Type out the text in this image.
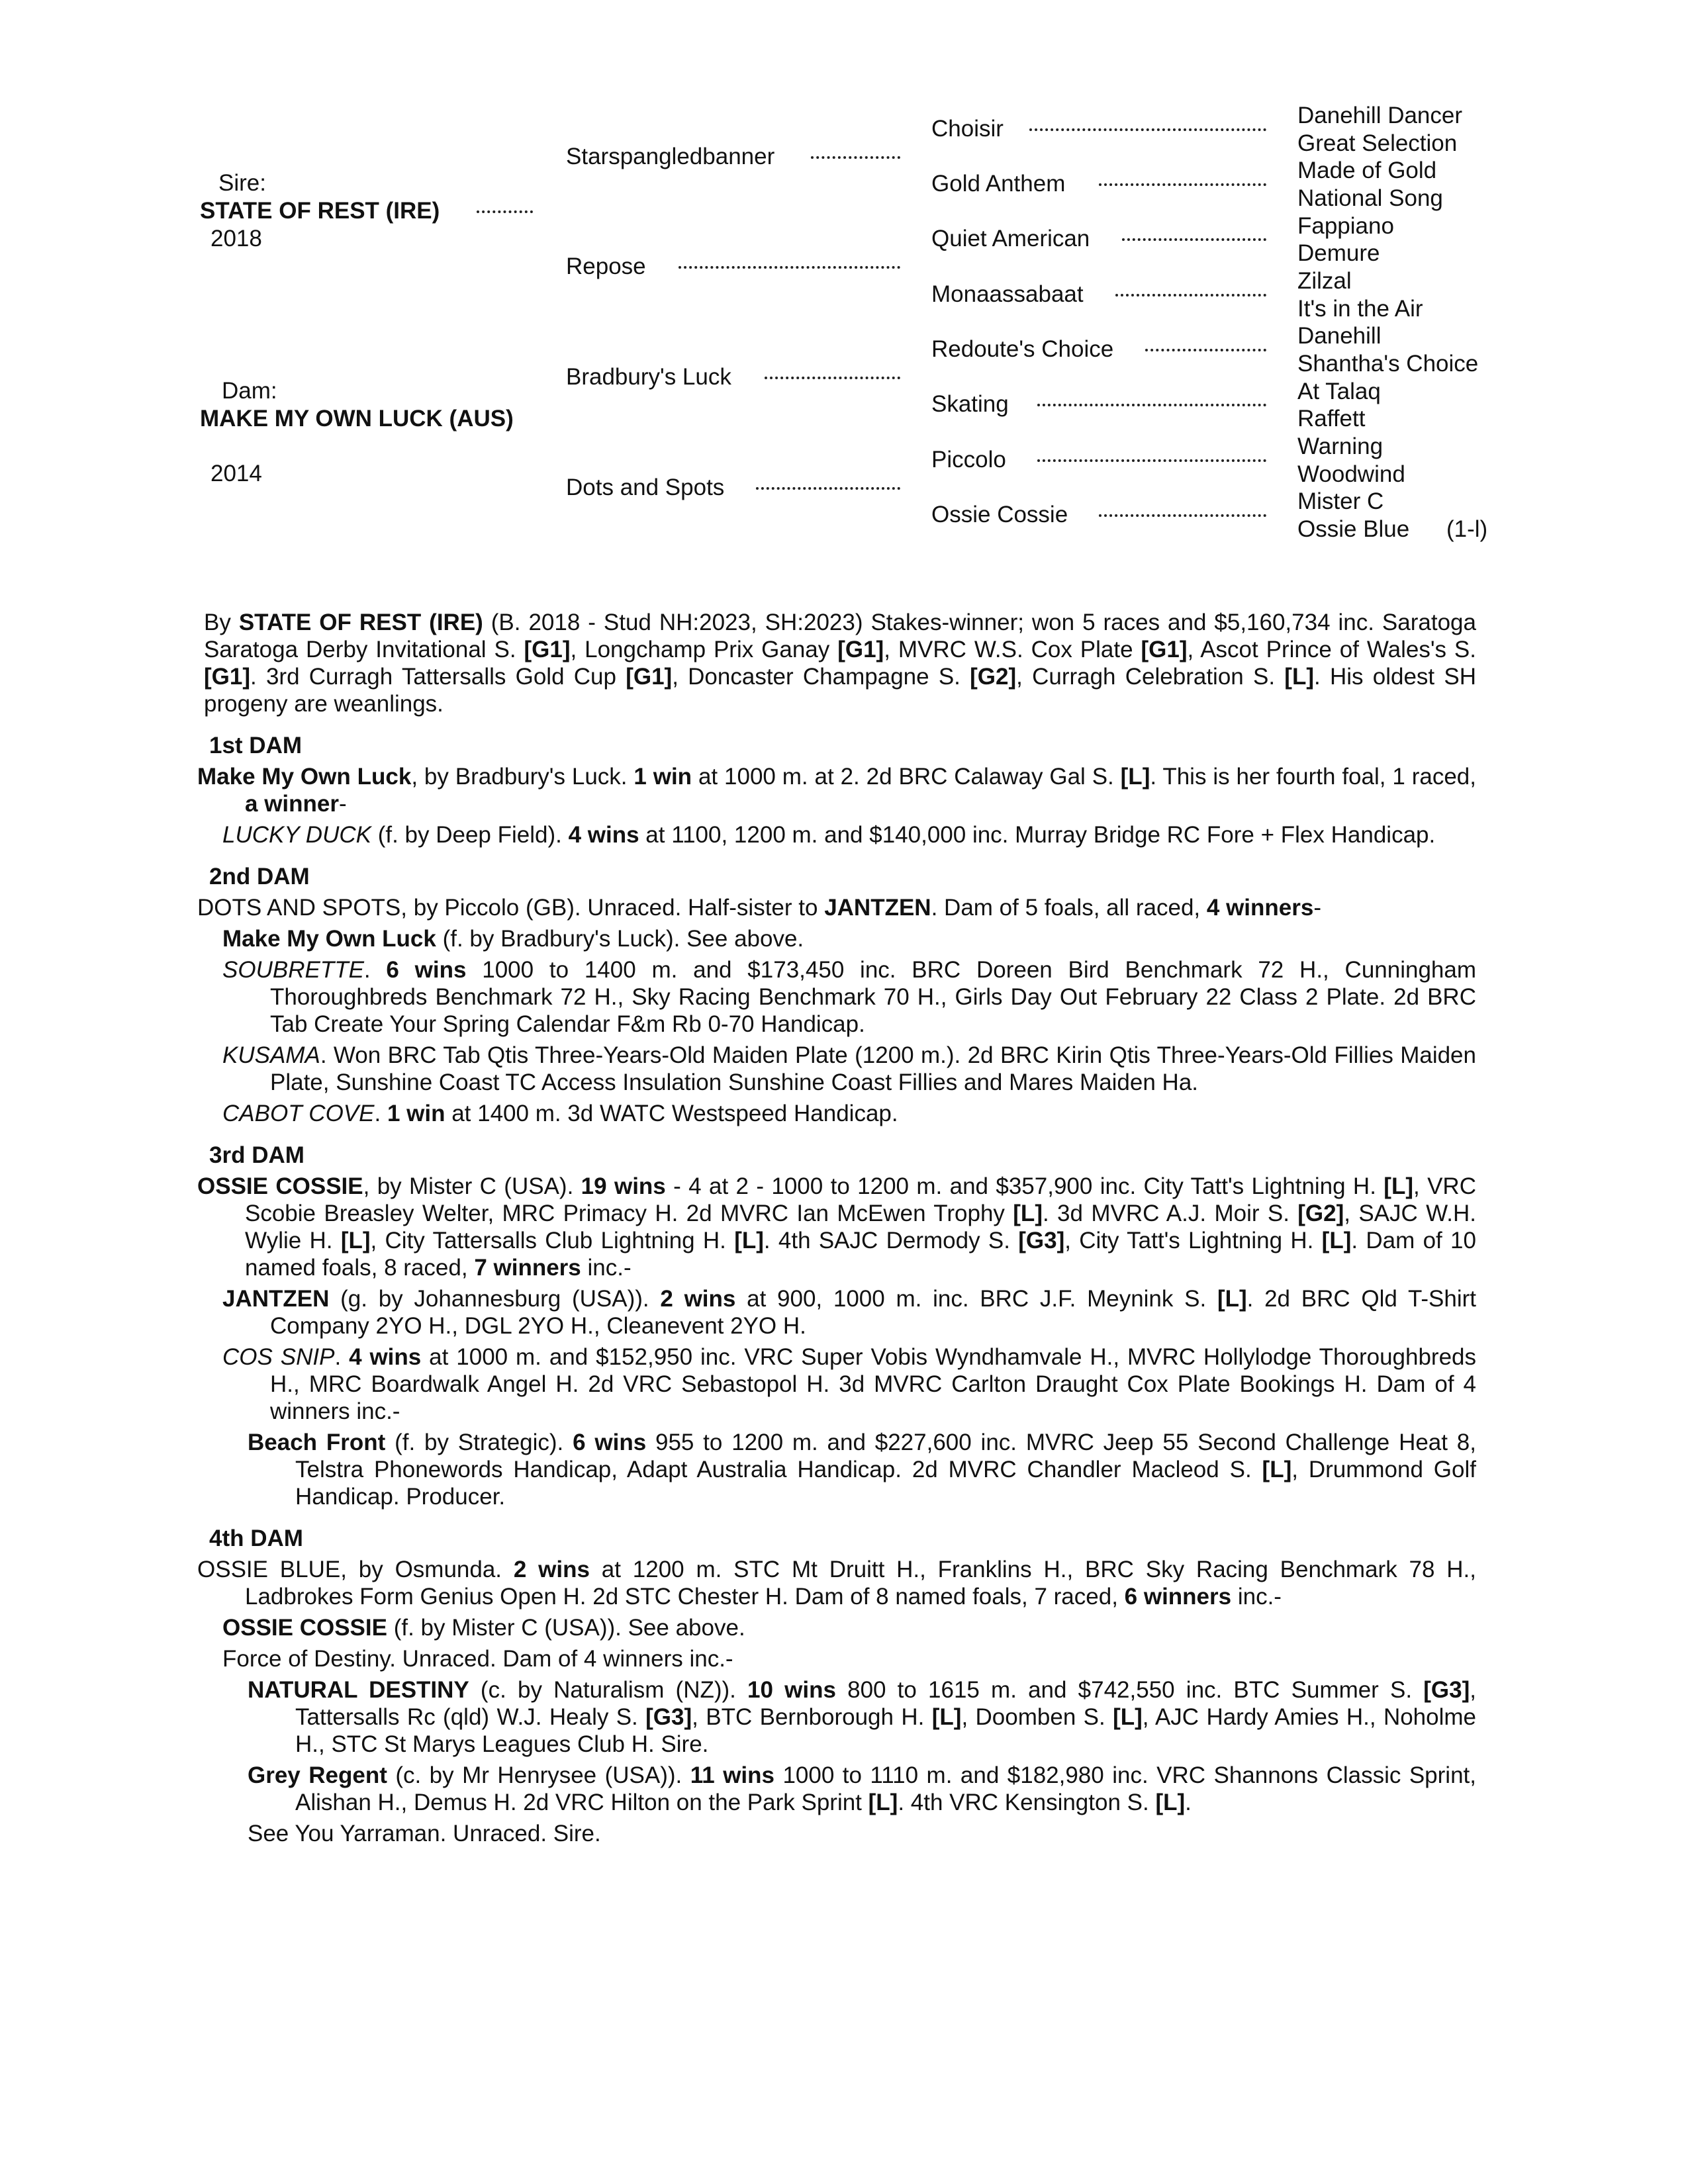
Sire:
STATE OF REST (IRE)
2018
Dam:
MAKE MY OWN LUCK (AUS)
2014
Starspangledbanner
Repose
Bradbury's Luck
Dots and Spots
Choisir
Gold Anthem
Quiet American
Monaassabaat
Redoute's Choice
Skating
Piccolo
Ossie Cossie
Danehill Dancer
Great Selection
Made of Gold
National Song
Fappiano
Demure
Zilzal
It's in the Air
Danehill
Shantha's Choice
At Talaq
Raffett
Warning
Woodwind
Mister C
Ossie Blue (1-l)

By STATE OF REST (IRE) (B. 2018 - Stud NH:2023, SH:2023) Stakes-winner; won 5 races and $5,160,734 inc. Saratoga Saratoga Derby Invitational S. [G1], Longchamp Prix Ganay [G1], MVRC W.S. Cox Plate [G1], Ascot Prince of Wales's S. [G1]. 3rd Curragh Tattersalls Gold Cup [G1], Doncaster Champagne S. [G2], Curragh Celebration S. [L]. His oldest SH progeny are weanlings.

1st DAM

Make My Own Luck, by Bradbury's Luck. 1 win at 1000 m. at 2. 2d BRC Calaway Gal S. [L]. This is her fourth foal, 1 raced, a winner-

LUCKY DUCK (f. by Deep Field). 4 wins at 1100, 1200 m. and $140,000 inc. Murray Bridge RC Fore + Flex Handicap.

2nd DAM

DOTS AND SPOTS, by Piccolo (GB). Unraced. Half-sister to JANTZEN. Dam of 5 foals, all raced, 4 winners-

Make My Own Luck (f. by Bradbury's Luck). See above.

SOUBRETTE. 6 wins 1000 to 1400 m. and $173,450 inc. BRC Doreen Bird Benchmark 72 H., Cunningham Thoroughbreds Benchmark 72 H., Sky Racing Benchmark 70 H., Girls Day Out February 22 Class 2 Plate. 2d BRC Tab Create Your Spring Calendar F&m Rb 0-70 Handicap.

KUSAMA. Won BRC Tab Qtis Three-Years-Old Maiden Plate (1200 m.). 2d BRC Kirin Qtis Three-Years-Old Fillies Maiden Plate, Sunshine Coast TC Access Insulation Sunshine Coast Fillies and Mares Maiden Ha.

CABOT COVE. 1 win at 1400 m. 3d WATC Westspeed Handicap.

3rd DAM

OSSIE COSSIE, by Mister C (USA). 19 wins - 4 at 2 - 1000 to 1200 m. and $357,900 inc. City Tatt's Lightning H. [L], VRC Scobie Breasley Welter, MRC Primacy H. 2d MVRC Ian McEwen Trophy [L]. 3d MVRC A.J. Moir S. [G2], SAJC W.H. Wylie H. [L], City Tattersalls Club Lightning H. [L]. 4th SAJC Dermody S. [G3], City Tatt's Lightning H. [L]. Dam of 10 named foals, 8 raced, 7 winners inc.-

JANTZEN (g. by Johannesburg (USA)). 2 wins at 900, 1000 m. inc. BRC J.F. Meynink S. [L]. 2d BRC Qld T-Shirt Company 2YO H., DGL 2YO H., Cleanevent 2YO H.

COS SNIP. 4 wins at 1000 m. and $152,950 inc. VRC Super Vobis Wyndhamvale H., MVRC Hollylodge Thoroughbreds H., MRC Boardwalk Angel H. 2d VRC Sebastopol H. 3d MVRC Carlton Draught Cox Plate Bookings H. Dam of 4 winners inc.-

Beach Front (f. by Strategic). 6 wins 955 to 1200 m. and $227,600 inc. MVRC Jeep 55 Second Challenge Heat 8, Telstra Phonewords Handicap, Adapt Australia Handicap. 2d MVRC Chandler Macleod S. [L], Drummond Golf Handicap. Producer.

4th DAM

OSSIE BLUE, by Osmunda. 2 wins at 1200 m. STC Mt Druitt H., Franklins H., BRC Sky Racing Benchmark 78 H., Ladbrokes Form Genius Open H. 2d STC Chester H. Dam of 8 named foals, 7 raced, 6 winners inc.-

OSSIE COSSIE (f. by Mister C (USA)). See above.

Force of Destiny. Unraced. Dam of 4 winners inc.-

NATURAL DESTINY (c. by Naturalism (NZ)). 10 wins 800 to 1615 m. and $742,550 inc. BTC Summer S. [G3], Tattersalls Rc (qld) W.J. Healy S. [G3], BTC Bernborough H. [L], Doomben S. [L], AJC Hardy Amies H., Noholme H., STC St Marys Leagues Club H. Sire.

Grey Regent (c. by Mr Henrysee (USA)). 11 wins 1000 to 1110 m. and $182,980 inc. VRC Shannons Classic Sprint, Alishan H., Demus H. 2d VRC Hilton on the Park Sprint [L]. 4th VRC Kensington S. [L].

See You Yarraman. Unraced. Sire.
